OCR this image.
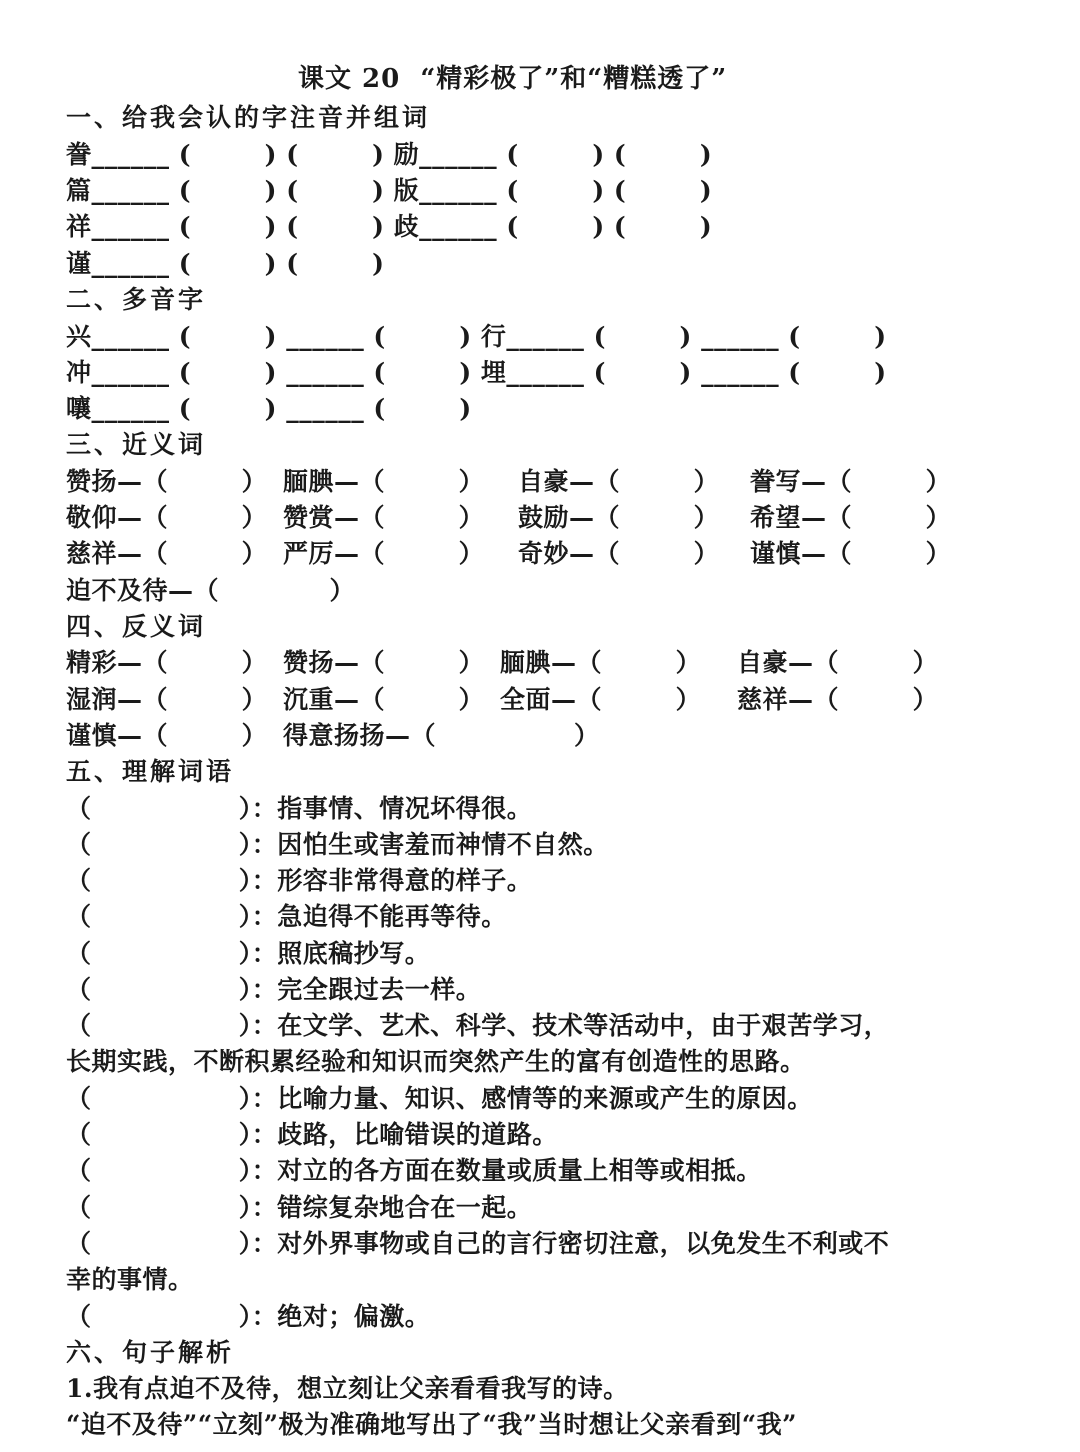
课文 20  “精彩极了”和“糟糕透了”
一、给我会认的字注音并组词
誊______ (        ) (        ) 励______ (        ) (        )
篇______ (        ) (        ) 版______ (        ) (        )
祥______ (        ) (        ) 歧______ (        ) (        )
谨______ (        ) (        )
二、多音字
兴______ (        ) ______ (        ) 行______ (        ) ______ (        )
冲______ (        ) ______ (        ) 埋______ (        ) ______ (        )
嚷______ (        ) ______ (        )
三、近义词
赞扬—（        ） 腼腆—（        ） 自豪—（        ） 誊写—（        ）
敬仰—（        ） 赞赏—（        ） 鼓励—（        ） 希望—（        ）
慈祥—（        ） 严厉—（        ） 奇妙—（        ） 谨慎—（        ）
迫不及待—（            ）
四、反义词
精彩—（        ） 赞扬—（        ） 腼腆—（        ） 自豪—（        ）
湿润—（        ） 沉重—（        ） 全面—（        ） 慈祥—（        ）
谨慎—（        ） 得意扬扬—（               ）
五、理解词语
（                ）：指事情、情况坏得很。
（                ）：因怕生或害羞而神情不自然。
（                ）：形容非常得意的样子。
（                ）：急迫得不能再等待。
（                ）：照底稿抄写。
（                ）：完全跟过去一样。
（                ）：在文学、艺术、科学、技术等活动中，由于艰苦学习，
长期实践，不断积累经验和知识而突然产生的富有创造性的思路。
（                ）：比喻力量、知识、感情等的来源或产生的原因。
（                ）：歧路，比喻错误的道路。
（                ）：对立的各方面在数量或质量上相等或相抵。
（                ）：错综复杂地合在一起。
（                ）：对外界事物或自己的言行密切注意，以免发生不利或不
幸的事情。
（                ）：绝对；偏激。
六、句子解析
1.我有点迫不及待，想立刻让父亲看看我写的诗。
“迫不及待”“立刻”极为准确地写出了“我”当时想让父亲看到“我”
